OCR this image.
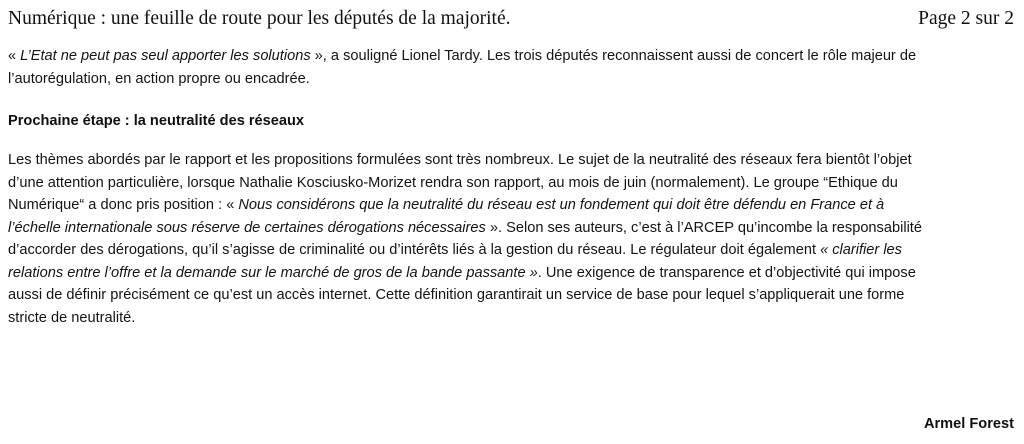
Numérique : une feuille de route pour les députés de la majorité.	Page 2 sur 2
« L’Etat ne peut pas seul apporter les solutions », a souligné Lionel Tardy. Les trois députés reconnaissent aussi de concert le rôle majeur de
l’autorégulation, en action propre ou encadrée.
Prochaine étape : la neutralité des réseaux
Les thèmes abordés par le rapport et les propositions formulées sont très nombreux. Le sujet de la neutralité des réseaux fera bientôt l’objet
d’une attention particulière, lorsque Nathalie Kosciusko-Morizet rendra son rapport, au mois de juin (normalement). Le groupe “Ethique du
Numérique“ a donc pris position : « Nous considérons que la neutralité du réseau est un fondement qui doit être défendu en France et à
l’échelle internationale sous réserve de certaines dérogations nécessaires ». Selon ses auteurs, c’est à l’ARCEP qu’incombe la responsabilité
d’accorder des dérogations, qu’il s’agisse de criminalité ou d’intérêts liés à la gestion du réseau. Le régulateur doit également « clarifier les
relations entre l’offre et la demande sur le marché de gros de la bande passante ». Une exigence de transparence et d’objectivité qui impose
aussi de définir précisément ce qu’est un accès internet. Cette définition garantirait un service de base pour lequel s’appliquerait une forme
stricte de neutralité.
Armel Forest
